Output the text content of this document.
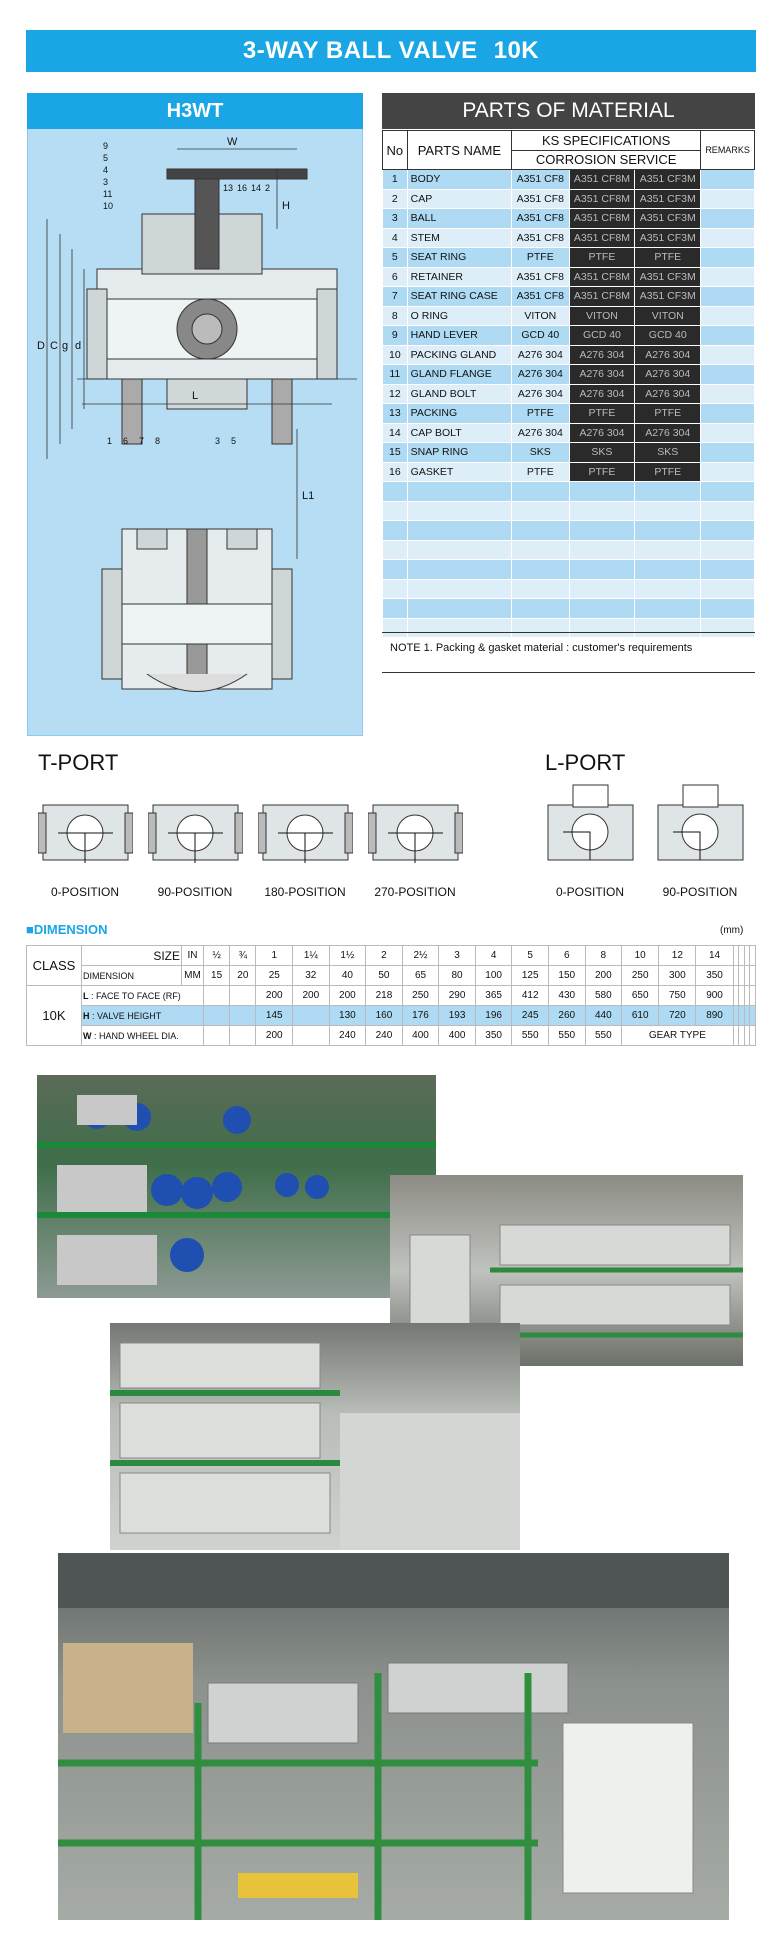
3-WAY BALL VALVE 10K
H3WT
W
H
D C g d
L
L1
9
5
4
3
11
10
13 16 14 2
1 6 7 8	3 5
PARTS OF MATERIAL
No	PARTS NAME	KS SPECIFICATIONS			REMARKS
		CORROSION SERVICE			
1	BODY	A351 CF8	A351 CF8M	A351 CF3M	
2	CAP	A351 CF8	A351 CF8M	A351 CF3M	
3	BALL	A351 CF8	A351 CF8M	A351 CF3M	
4	STEM	A351 CF8	A351 CF8M	A351 CF3M	
5	SEAT RING	PTFE	PTFE	PTFE	
6	RETAINER	A351 CF8	A351 CF8M	A351 CF3M	
7	SEAT RING CASE	A351 CF8	A351 CF8M	A351 CF3M	
8	O RING	VITON	VITON	VITON	
9	HAND LEVER	GCD 40	GCD 40	GCD 40	
10	PACKING GLAND	A276 304	A276 304	A276 304	
11	GLAND FLANGE	A276 304	A276 304	A276 304	
12	GLAND BOLT	A276 304	A276 304	A276 304	
13	PACKING	PTFE	PTFE	PTFE	
14	CAP BOLT	A276 304	A276 304	A276 304	
15	SNAP RING	SKS	SKS	SKS	
16	GASKET	PTFE	PTFE	PTFE	

NOTE 1. Packing & gasket material : customer's requirements
T-PORT	L-PORT
0-POSITION	90-POSITION	180-POSITION	270-POSITION	0-POSITION	90-POSITION
■DIMENSION	(mm)
CLASS	SIZE	IN	½	¾	1	1¼	1½	2	2½	3	4	5	6	8	10	12	14				
	DIMENSION	MM	15	20	25	32	40	50	65	80	100	125	150	200	250	300	350				
10K	L : FACE TO FACE (RF)				200	200	200	218	250	290	365	412	430	580	650	750	900				
	H : VALVE HEIGHT				145		130	160	176	193	196	245	260	440	610	720	890				
	W : HAND WHEEL DIA.				200		240	240	400	400	350	550	550	550	GEAR TYPE						
